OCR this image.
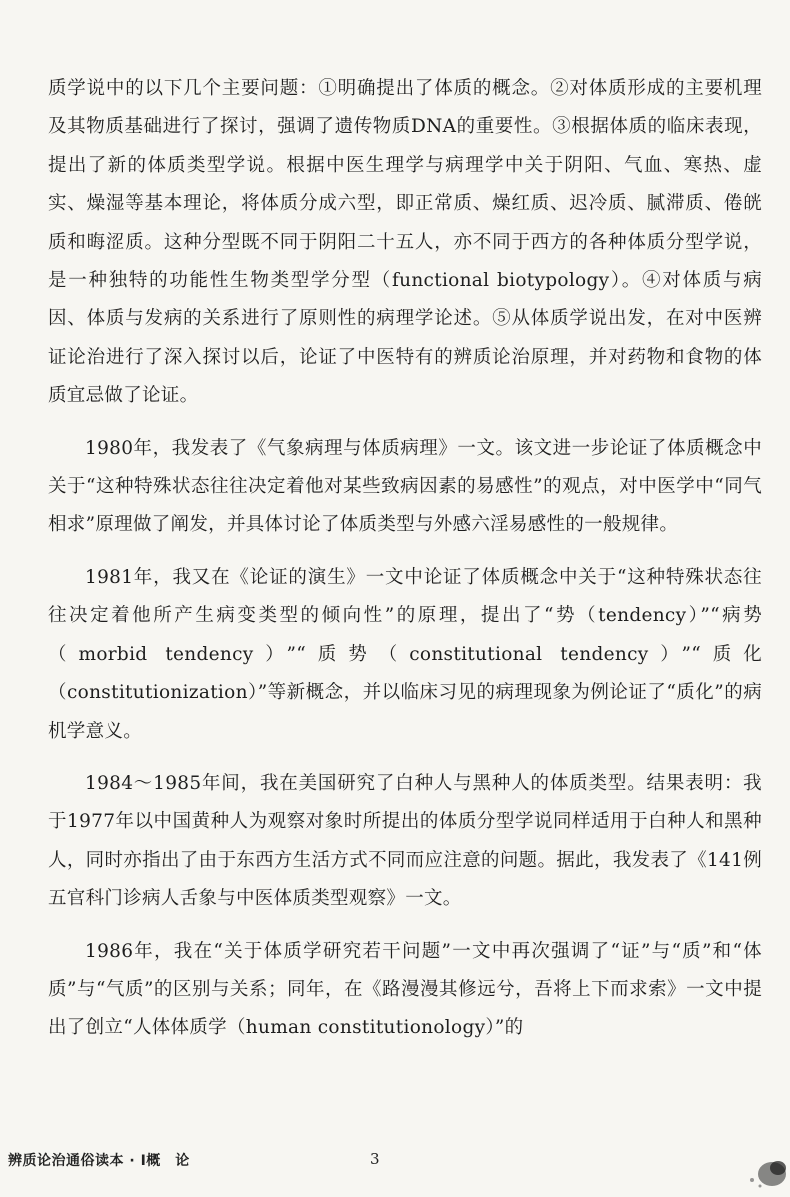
质学说中的以下几个主要问题：①明确提出了体质的概念。②对体质形成的主要机理及其物质基础进行了探讨，强调了遗传物质DNA的重要性。③根据体质的临床表现，提出了新的体质类型学说。根据中医生理学与病理学中关于阴阳、气血、寒热、虚实、燥湿等基本理论，将体质分成六型，即正常质、燥红质、迟冷质、腻滞质、倦㿠质和晦涩质。这种分型既不同于阴阳二十五人，亦不同于西方的各种体质分型学说，是一种独特的功能性生物类型学分型（functional biotypology）。④对体质与病因、体质与发病的关系进行了原则性的病理学论述。⑤从体质学说出发，在对中医辨证论治进行了深入探讨以后，论证了中医特有的辨质论治原理，并对药物和食物的体质宜忌做了论证。

1980年，我发表了《气象病理与体质病理》一文。该文进一步论证了体质概念中关于“这种特殊状态往往决定着他对某些致病因素的易感性”的观点，对中医学中“同气相求”原理做了阐发，并具体讨论了体质类型与外感六淫易感性的一般规律。

1981年，我又在《论证的演生》一文中论证了体质概念中关于“这种特殊状态往往决定着他所产生病变类型的倾向性”的原理，提出了“势（tendency）”“病势（morbid tendency）”“质势（constitutional tendency）”“质化（constitutionization）”等新概念，并以临床习见的病理现象为例论证了“质化”的病机学意义。

1984～1985年间，我在美国研究了白种人与黑种人的体质类型。结果表明：我于1977年以中国黄种人为观察对象时所提出的体质分型学说同样适用于白种人和黑种人，同时亦指出了由于东西方生活方式不同而应注意的问题。据此，我发表了《141例五官科门诊病人舌象与中医体质类型观察》一文。

1986年，我在“关于体质学研究若干问题”一文中再次强调了“证”与“质”和“体质”与“气质”的区别与关系；同年，在《路漫漫其修远兮，吾将上下而求索》一文中提出了创立“人体体质学（human constitutionology）”的

辨质论治通俗读本 · Ⅰ概　论	3
